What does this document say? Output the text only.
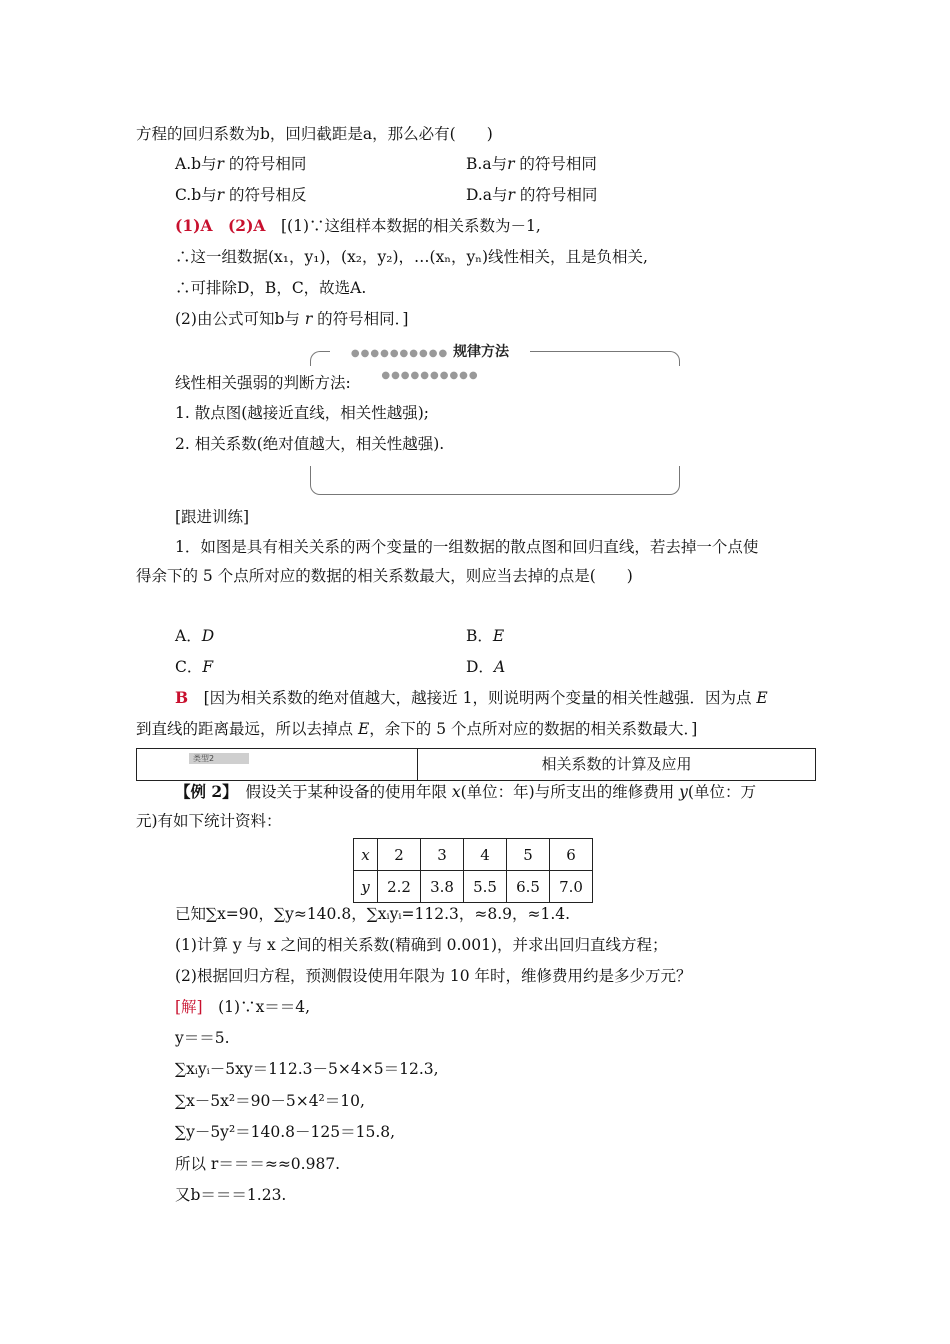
方程的回归系数为b，回归截距是a，那么必有(　　)
A.b与r 的符号相同	B.a与r 的符号相同
C.b与r 的符号相反	D.a与r 的符号相同
(1)A　(2)A　 [(1)∵这组样本数据的相关系数为－1,
∴这一组数据(x₁，y₁)，(x₂，y₂)，…(xₙ，yₙ)线性相关，且是负相关,
∴可排除D，B，C，故选A.
(2)由公式可知b与 r 的符号相同．]
●●●●●●●●●● 规律方法 ●●●●●●●●●●
线性相关强弱的判断方法:
1. 散点图(越接近直线，相关性越强);
2. 相关系数(绝对值越大，相关性越强).
[跟进训练]
1．如图是具有相关关系的两个变量的一组数据的散点图和回归直线，若去掉一个点使
得余下的 5 个点所对应的数据的相关系数最大，则应当去掉的点是(　　)
A．D	B．E
C．F	D．A
B　 [因为相关系数的绝对值越大，越接近 1，则说明两个变量的相关性越强．因为点 E
到直线的距离最远，所以去掉点 E，余下的 5 个点所对应的数据的相关系数最大．]
类型2	相关系数的计算及应用
【例 2】　假设关于某种设备的使用年限 x(单位：年)与所支出的维修费用 y(单位：万
元)有如下统计资料：
x	2	3	4	5	6
y	2.2	3.8	5.5	6.5	7.0
已知∑x=90，∑y≈140.8，∑xᵢyᵢ=112.3，≈8.9，≈1.4.
(1)计算 y 与 x 之间的相关系数(精确到 0.001)，并求出回归直线方程；
(2)根据回归方程，预测假设使用年限为 10 年时，维修费用约是多少万元？
[解]　(1)∵x＝＝4,
y＝＝5.
∑xᵢyᵢ－5xy＝112.3－5×4×5＝12.3,
∑x－5x²＝90－5×4²＝10,
∑y－5y²＝140.8－125＝15.8,
所以 r＝＝＝≈≈0.987.
又b＝＝＝1.23.
